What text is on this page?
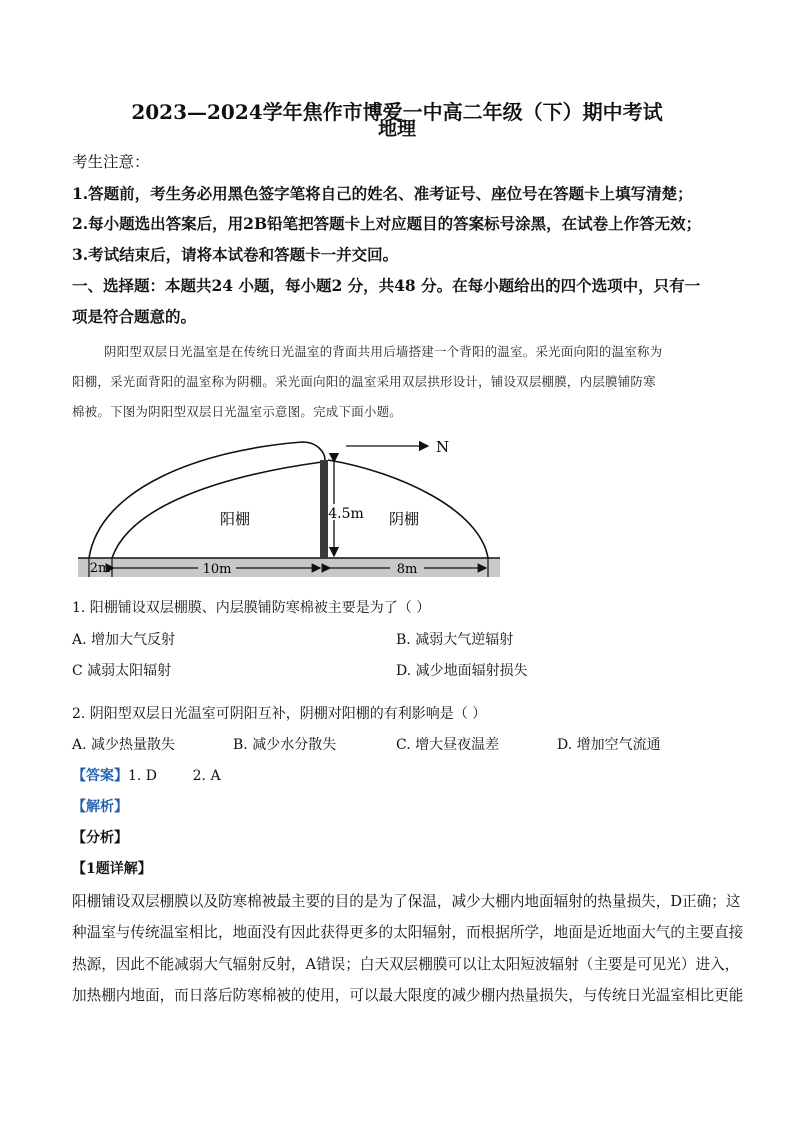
2023—2024学年焦作市博爱一中高二年级（下）期中考试
地理
考生注意：
1.答题前，考生务必用黑色签字笔将自己的姓名、准考证号、座位号在答题卡上填写清楚；
2.每小题选出答案后，用2B铅笔把答题卡上对应题目的答案标号涂黑，在试卷上作答无效；
3.考试结束后，请将本试卷和答题卡一并交回。
一、选择题：本题共24 小题，每小题2 分，共48 分。在每小题给出的四个选项中，只有一
项是符合题意的。
阴阳型双层日光温室是在传统日光温室的背面共用后墙搭建一个背阳的温室。采光面向阳的温室称为
阳棚，采光面背阳的温室称为阴棚。采光面向阳的温室采用双层拱形设计，铺设双层棚膜，内层膜铺防寒
棉被。下图为阴阳型双层日光温室示意图。完成下面小题。
4.5m
阳棚	阴棚
N
2m	10m	8m
1. 阳棚铺设双层棚膜、内层膜铺防寒棉被主要是为了（ ）
A. 增加大气反射	B. 减弱大气逆辐射
C 减弱太阳辐射	D. 减少地面辐射损失
2. 阴阳型双层日光温室可阴阳互补，阴棚对阳棚的有利影响是（ ）
A. 减少热量散失	B. 减少水分散失	C. 增大昼夜温差	D. 增加空气流通
【答案】1. D        2. A
【解析】
【分析】
【1题详解】
阳棚铺设双层棚膜以及防寒棉被最主要的目的是为了保温，减少大棚内地面辐射的热量损失，D正确；这
种温室与传统温室相比，地面没有因此获得更多的太阳辐射，而根据所学，地面是近地面大气的主要直接
热源，因此不能减弱大气辐射反射，A错误；白天双层棚膜可以让太阳短波辐射（主要是可见光）进入，
加热棚内地面，而日落后防寒棉被的使用，可以最大限度的减少棚内热量损失，与传统日光温室相比更能
